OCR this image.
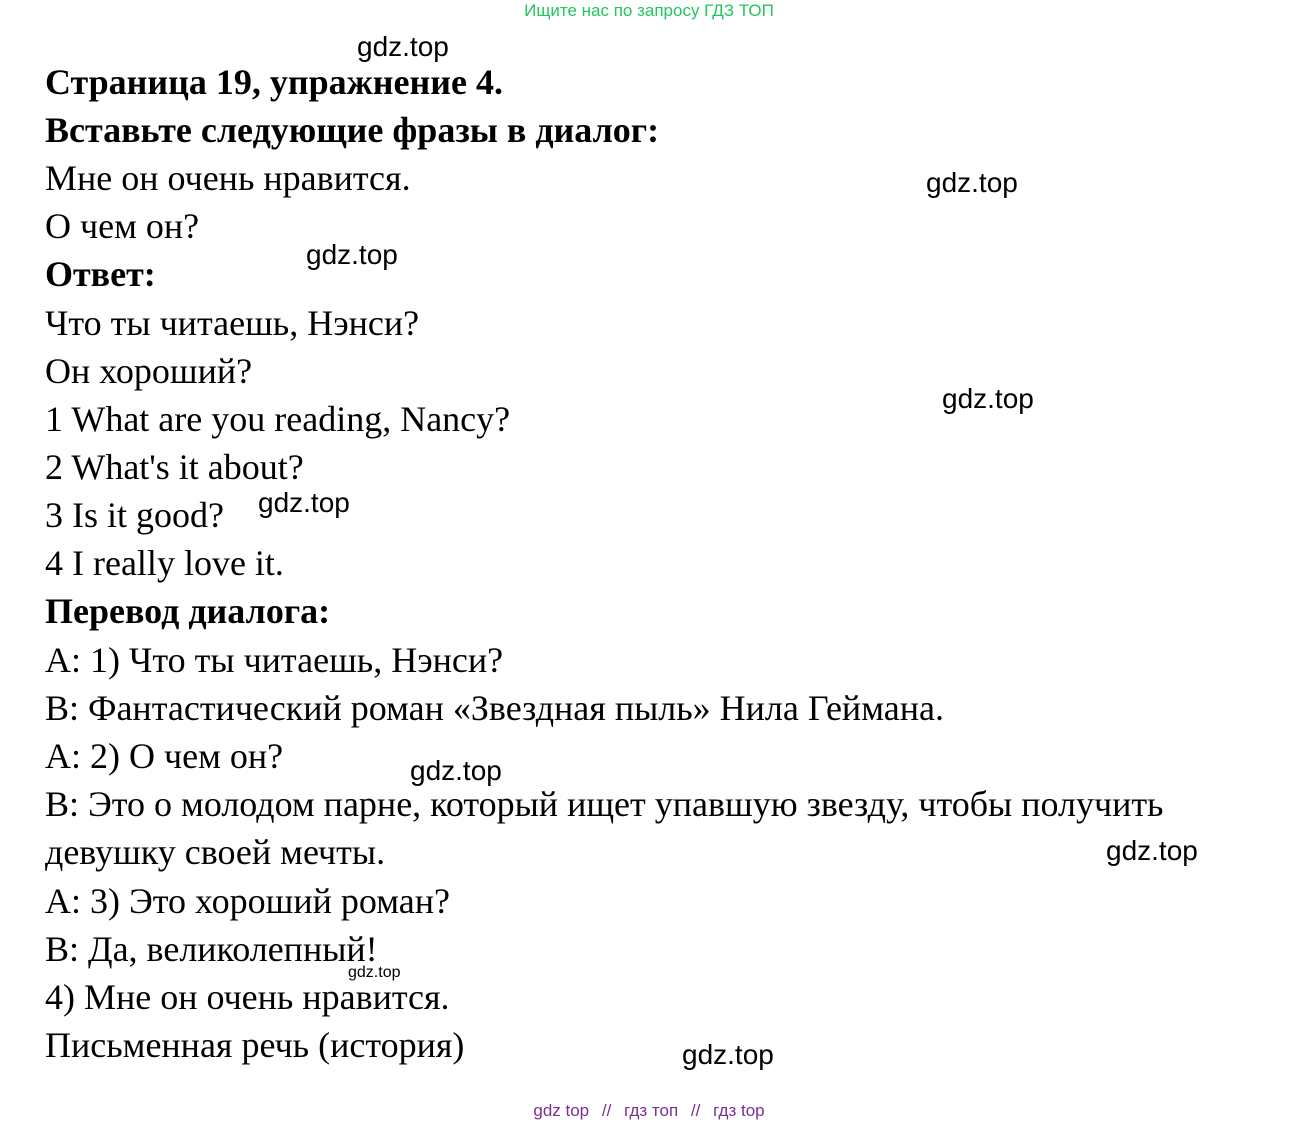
Ищите нас по запросу ГДЗ ТОП
gdz.top
gdz.top
gdz.top
gdz.top
gdz.top
gdz.top
gdz.top
gdz.top
gdz.top
Страница 19, упражнение 4.
Вставьте следующие фразы в диалог:
Мне он очень нравится.
О чем он?
Ответ:
Что ты читаешь, Нэнси?
Он хороший?
1 What are you reading, Nancy?
2 What's it about?
3 Is it good?
4 I really love it.
Перевод диалога:
А: 1) Что ты читаешь, Нэнси?
В: Фантастический роман «Звездная пыль» Нила Геймана.
А: 2) О чем он?
В: Это о молодом парне, который ищет упавшую звезду, чтобы получить
девушку своей мечты.
А: 3) Это хороший роман?
В: Да, великолепный!
4) Мне он очень нравится.
Письменная речь (история)
gdz top // гдз топ // гдз top
